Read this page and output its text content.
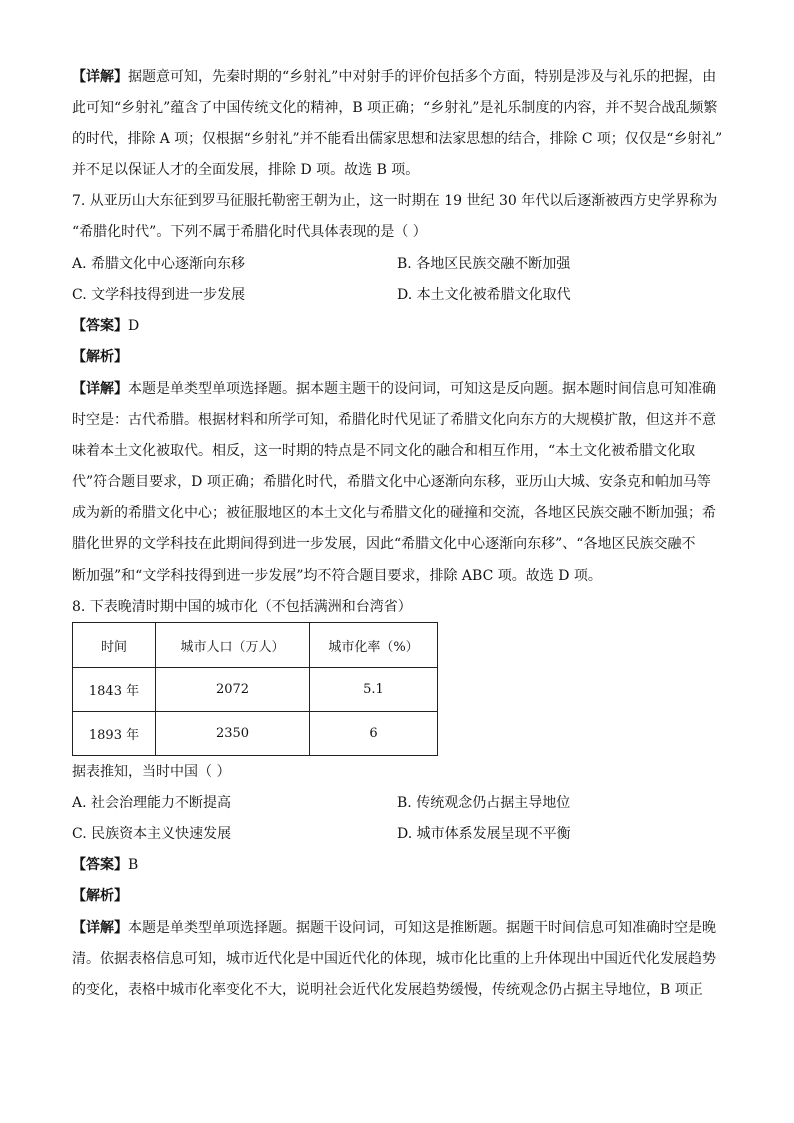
【详解】据题意可知，先秦时期的“乡射礼”中对射手的评价包括多个方面，特别是涉及与礼乐的把握，由
此可知“乡射礼”蕴含了中国传统文化的精神，B 项正确；“乡射礼”是礼乐制度的内容，并不契合战乱频繁
的时代，排除 A 项；仅根据“乡射礼”并不能看出儒家思想和法家思想的结合，排除 C 项；仅仅是“乡射礼”
并不足以保证人才的全面发展，排除 D 项。故选 B 项。
7. 从亚历山大东征到罗马征服托勒密王朝为止，这一时期在 19 世纪 30 年代以后逐渐被西方史学界称为
“希腊化时代”。下列不属于希腊化时代具体表现的是（ ）
A. 希腊文化中心逐渐向东移	B. 各地区民族交融不断加强
C. 文学科技得到进一步发展	D. 本土文化被希腊文化取代
【答案】D
【解析】
【详解】本题是单类型单项选择题。据本题主题干的设问词，可知这是反向题。据本题时间信息可知准确
时空是：古代希腊。根据材料和所学可知，希腊化时代见证了希腊文化向东方的大规模扩散，但这并不意
味着本土文化被取代。相反，这一时期的特点是不同文化的融合和相互作用，“本土文化被希腊文化取
代”符合题目要求，D 项正确；希腊化时代，希腊文化中心逐渐向东移，亚历山大城、安条克和帕加马等
成为新的希腊文化中心；被征服地区的本土文化与希腊文化的碰撞和交流，各地区民族交融不断加强；希
腊化世界的文学科技在此期间得到进一步发展，因此“希腊文化中心逐渐向东移”、“各地区民族交融不
断加强”和“文学科技得到进一步发展”均不符合题目要求，排除 ABC 项。故选 D 项。
8. 下表晚清时期中国的城市化（不包括满洲和台湾省）
时间	城市人口（万人）	城市化率（%）
1843 年	2072	5.1
1893 年	2350	6
据表推知，当时中国（ ）
A. 社会治理能力不断提高	B. 传统观念仍占据主导地位
C. 民族资本主义快速发展	D. 城市体系发展呈现不平衡
【答案】B
【解析】
【详解】本题是单类型单项选择题。据题干设问词，可知这是推断题。据题干时间信息可知准确时空是晚
清。依据表格信息可知，城市近代化是中国近代化的体现，城市化比重的上升体现出中国近代化发展趋势
的变化，表格中城市化率变化不大，说明社会近代化发展趋势缓慢，传统观念仍占据主导地位，B 项正
